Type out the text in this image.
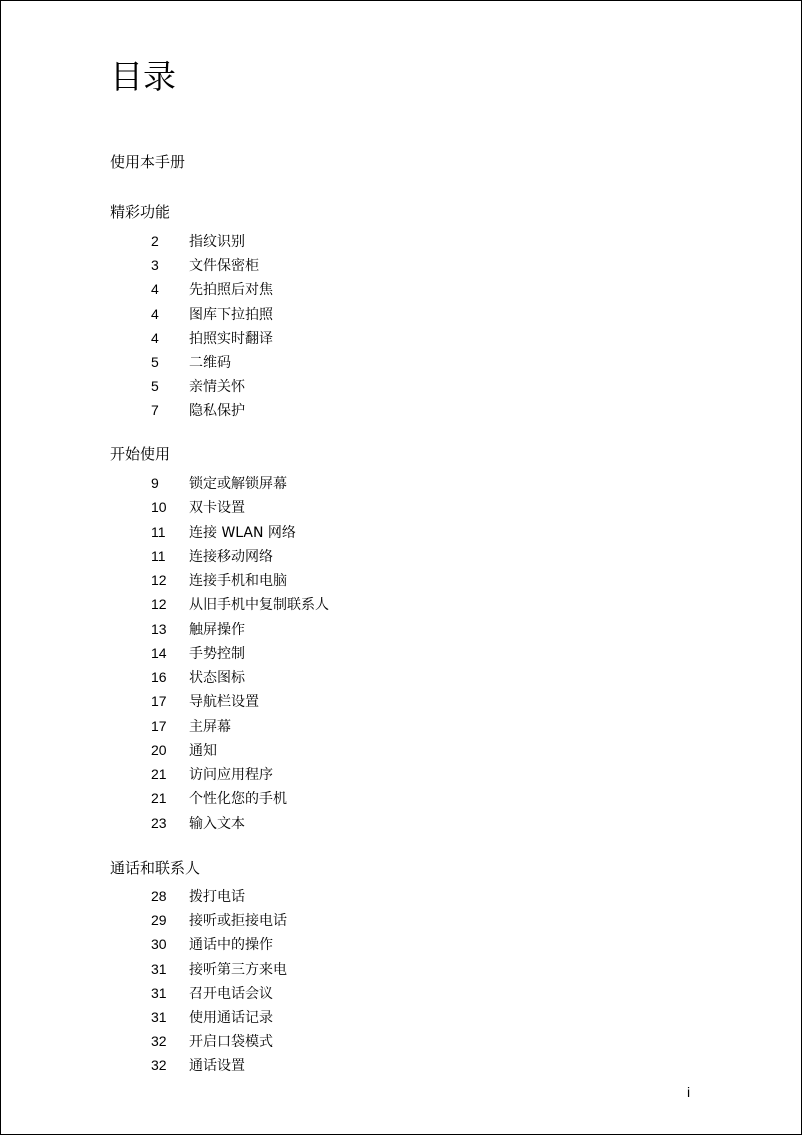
目录
使用本手册
精彩功能
2 指纹识别
3 文件保密柜
4 先拍照后对焦
4 图库下拉拍照
4 拍照实时翻译
5 二维码
5 亲情关怀
7 隐私保护
开始使用
9 锁定或解锁屏幕
10 双卡设置
11 连接 WLAN 网络
11 连接移动网络
12 连接手机和电脑
12 从旧手机中复制联系人
13 触屏操作
14 手势控制
16 状态图标
17 导航栏设置
17 主屏幕
20 通知
21 访问应用程序
21 个性化您的手机
23 输入文本
通话和联系人
28 拨打电话
29 接听或拒接电话
30 通话中的操作
31 接听第三方来电
31 召开电话会议
31 使用通话记录
32 开启口袋模式
32 通话设置
i
